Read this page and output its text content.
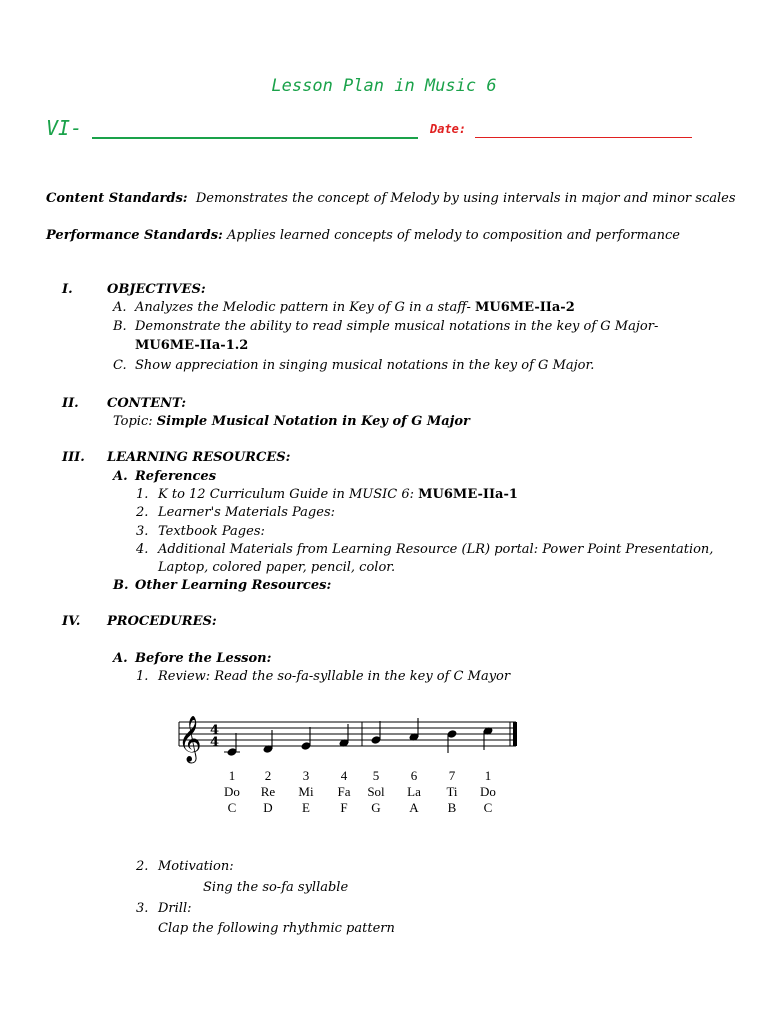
Lesson Plan in Music 6
VI-	Date:
Content Standards: Demonstrates the concept of Melody by using intervals in major and minor scales
Performance Standards: Applies learned concepts of melody to composition and performance
I.	OBJECTIVES:
A. Analyzes the Melodic pattern in Key of G in a staff- MU6ME-IIa-2
B. Demonstrate the ability to read simple musical notations in the key of G Major-
MU6ME-IIa-1.2
C. Show appreciation in singing musical notations in the key of G Major.
II. CONTENT:
Topic: Simple Musical Notation in Key of G Major
III. LEARNING RESOURCES:
A. References
1. K to 12 Curriculum Guide in MUSIC 6: MU6ME-IIa-1
2. Learner's Materials Pages:
3. Textbook Pages:
4. Additional Materials from Learning Resource (LR) portal: Power Point Presentation,
Laptop, colored paper, pencil, color.
B. Other Learning Resources:
IV. PROCEDURES:
A. Before the Lesson:
1. Review: Read the so-fa-syllable in the key of C Mayor
𝄞 4
4
1
Do
C
2
Re
D
3
Mi
E
4
Fa
F
5
Sol
G
6
La
A
7
Ti
B
1
Do
C
2. Motivation:
Sing the so-fa syllable
3. Drill:
Clap the following rhythmic pattern
